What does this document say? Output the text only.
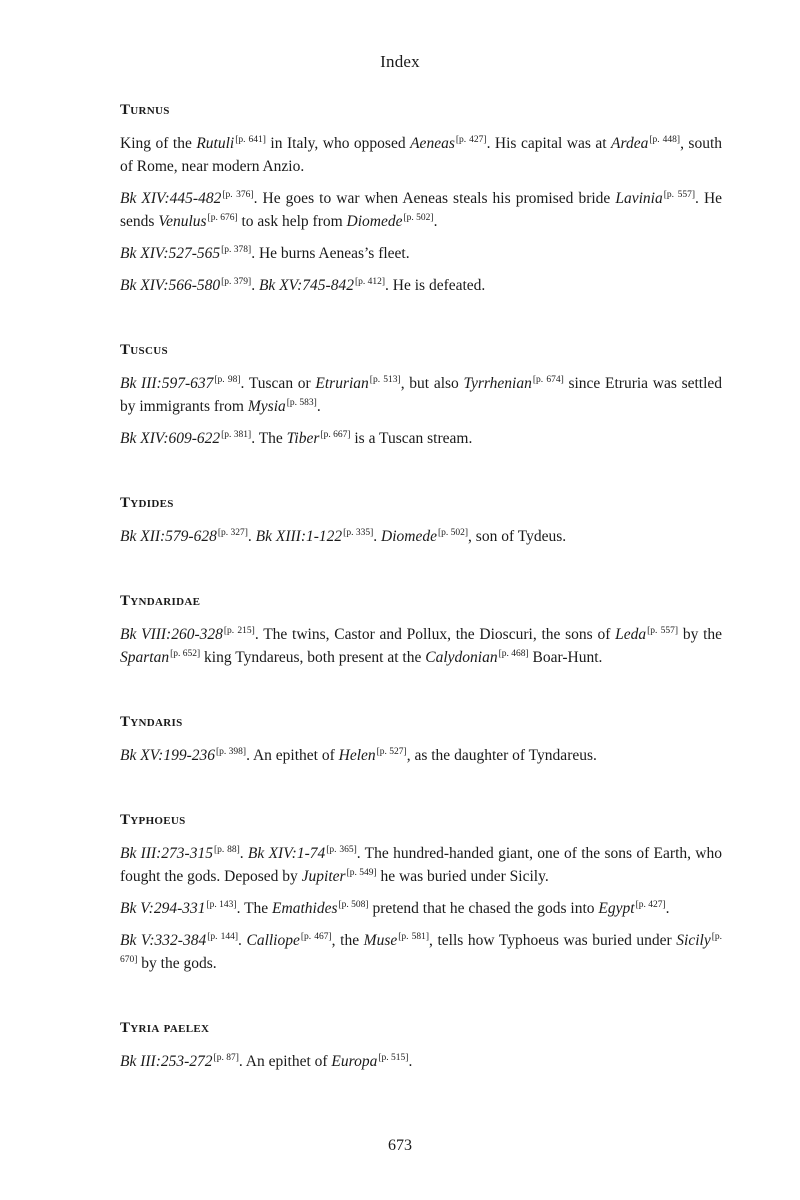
Index
Turnus

King of the Rutuli[p. 641] in Italy, who opposed Aeneas[p. 427]. His capital was at Ardea[p. 448], south of Rome, near modern Anzio.

Bk XIV:445-482[p. 376]. He goes to war when Aeneas steals his promised bride Lavinia[p. 557]. He sends Venulus[p. 676] to ask help from Diomede[p. 502].

Bk XIV:527-565[p. 378]. He burns Aeneas’s fleet.

Bk XIV:566-580[p. 379]. Bk XV:745-842[p. 412]. He is defeated.

Tuscus

Bk III:597-637[p. 98]. Tuscan or Etrurian[p. 513], but also Tyrrhenian[p. 674] since Etruria was settled by immigrants from Mysia[p. 583].

Bk XIV:609-622[p. 381]. The Tiber[p. 667] is a Tuscan stream.

Tydides

Bk XII:579-628[p. 327]. Bk XIII:1-122[p. 335]. Diomede[p. 502], son of Tydeus.

Tyndaridae

Bk VIII:260-328[p. 215]. The twins, Castor and Pollux, the Dioscuri, the sons of Leda[p. 557] by the Spartan[p. 652] king Tyndareus, both present at the Calydonian[p. 468] Boar-Hunt.

Tyndaris

Bk XV:199-236[p. 398]. An epithet of Helen[p. 527], as the daughter of Tyndareus.

Typhoeus

Bk III:273-315[p. 88]. Bk XIV:1-74[p. 365]. The hundred-handed giant, one of the sons of Earth, who fought the gods. Deposed by Jupiter[p. 549] he was buried under Sicily.

Bk V:294-331[p. 143]. The Emathides[p. 508] pretend that he chased the gods into Egypt[p. 427].

Bk V:332-384[p. 144]. Calliope[p. 467], the Muse[p. 581], tells how Typhoeus was buried under Sicily[p. 670] by the gods.

Tyria paelex

Bk III:253-272[p. 87]. An epithet of Europa[p. 515].

673
